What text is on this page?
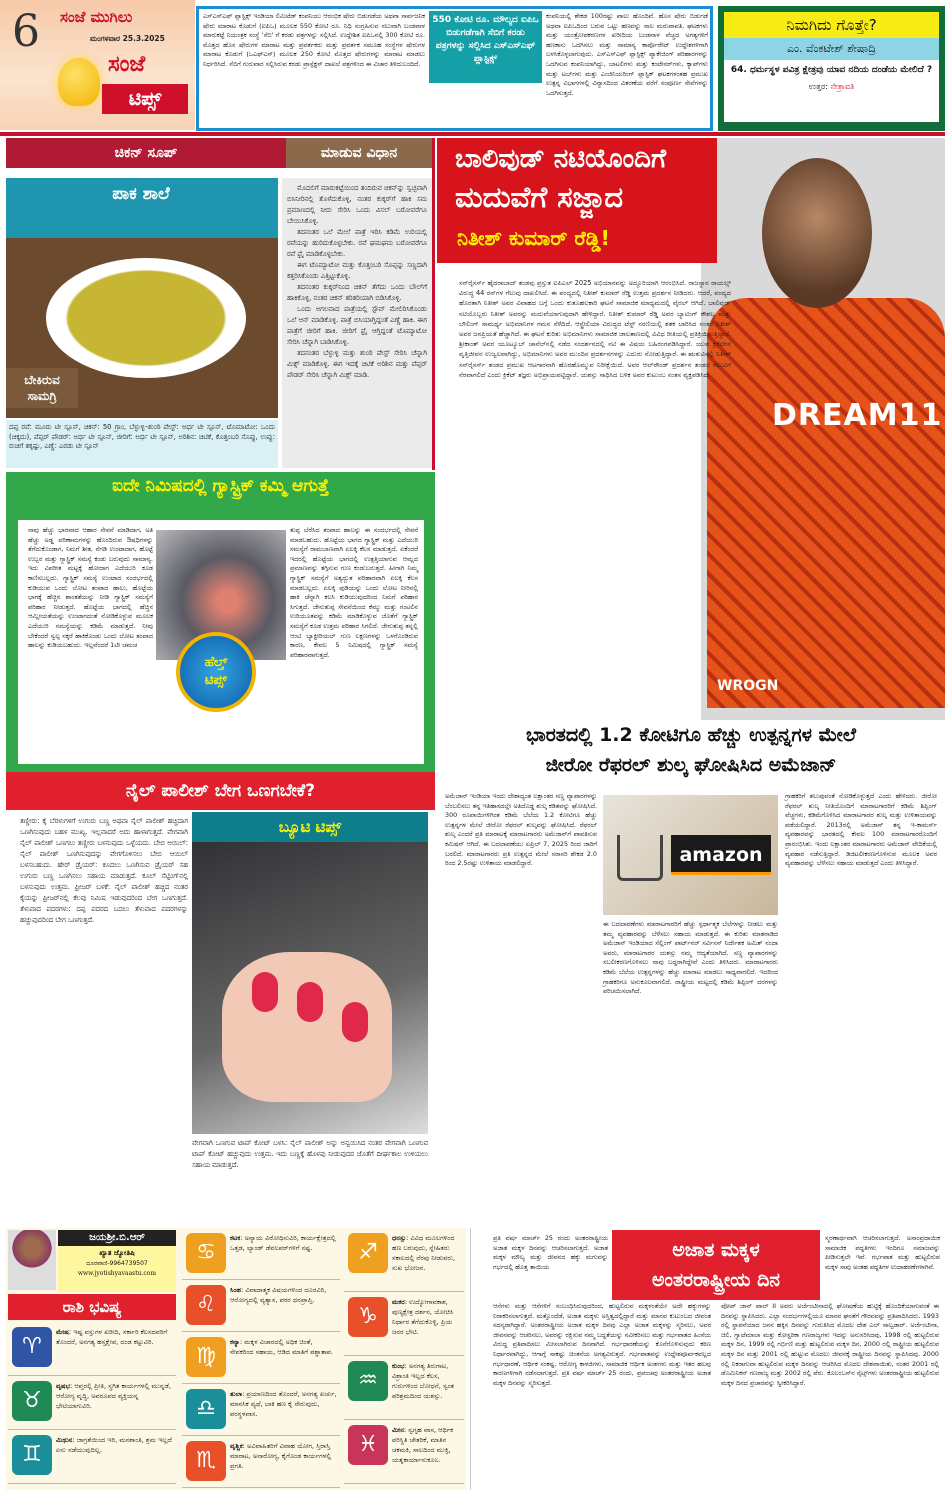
6 ಸಂಜೆ ಮುಗಿಲು
ಮಂಗಳವಾರ 25.3.2025
ಸಂಜೆ
ಟಿಪ್ಸ್
ಎಸ್‌ಎಸ್‌ಎಫ್ ಪ್ಲಾಸ್ಟಿಕ್ಸ್ ಇಂಡಿಯಾ ಲಿಮಿಟೆಡ್ ಕಂಪನಿಯು ಆರಂಭಿಕ ಷೇರು ಬಿಡುಗಡೆಯ ಅಥವಾ ಸಾರ್ವಜನಿಕ ಷೇರು ಮಾರಾಟ ಕೊಡುಗೆ (ಐಪಿಒ) ಮೂಲಕ 550 ಕೋಟಿ ರೂ. ನಿಧಿ ಸಂಗ್ರಹಿಸುವ ಸಲುವಾಗಿ ಬಂಡವಾಳ ಮಾರುಕಟ್ಟೆ ನಿಯಂತ್ರಕ ಸಂಸ್ಥೆ 'ಸೆಬಿ' ಗೆ ಕರಡು ಪತ್ರಗಳನ್ನು ಸಲ್ಲಿಸಿದೆ. ಉದ್ದೇಶಿತ ಐಪಿಒನಲ್ಲಿ 300 ಕೋಟಿ ರೂ. ಮೊತ್ತದ ಹೊಸ ಷೇರುಗಳ ಮಾರಾಟ ಮತ್ತು ಪ್ರವರ್ತಕರು ಮತ್ತು ಪ್ರವರ್ತಕ ಸಮೂಹ ಸಂಸ್ಥೆಗಳ ಷೇರುಗಳ ಮಾರಾಟ ಕೊಡುಗೆ (ಒಎಫ್‌ಎಸ್) ಮೂಲಕ 250 ಕೋಟಿ ಮೊತ್ತದ ಷೇರುಗಳನ್ನು ಮಾರಾಟ ಮಾಡಲು ನಿರ್ಧರಿಸಿದೆ. ಸೆಬಿಗೆ ಗುರುವಾರ ಸಲ್ಲಿಸಿರುವ ಕರಡು ಪ್ರಾಸ್ಪೆಕ್ಟಸ್ ದಾಖಲೆ ಪತ್ರಗಳಿಂದ ಈ ವಿಚಾರ ತಿಳಿದುಬಂದಿದೆ.
550 ಕೋಟಿ ರೂ. ಮೌಲ್ಯದ ಐಪಿಒ ಬಿಡುಗಡೆಗಾಗಿ ಸೆಬಿಗೆ ಕರಡು ಪತ್ರಗಳನ್ನು ಸಲ್ಲಿಸಿದ ಎಸ್‌ಎಸ್‌ಎಫ್ ಪ್ಲಾಸ್ಟಿಕ್ಸ್
ಕಂಪನಿಯಲ್ಲಿ ಶೇಕಡ 100ರಷ್ಟು ಪಾಲು ಹೊಂದಿವೆ. ಹೊಸ ಷೇರು ಬಿಡುಗಡೆ ಅಥವಾ ಐಪಿಒದಿಂದ ಬರುವ ಒಟ್ಟು ಹಣವನ್ನು ಸಾಲ ಮರುಪಾವತಿ, ಘಟಕಗಳು ಮತ್ತು ಯಂತ್ರೋಪಕರಣಗಳ ಖರೀದಿಯ ಬಂಡವಾಳ ವೆಚ್ಚದ ಅಗತ್ಯಗಳಿಗೆ ಹಣಕಾಸು ಒದಗಿಸಲು ಮತ್ತು ಸಾಮಾನ್ಯ ಕಾರ್ಪೊರೇಟ್ ಉದ್ದೇಶಗಳಿಗಾಗಿ ಬಳಸಿಕೊಳ್ಳಲಾಗುವುದು. ಎಸ್‌ಎಸ್‌ಎಫ್ ಪ್ಲಾಸ್ಟಿಕ್ಸ್ ಪ್ಯಾಕೇಜಿಂಗ್ ಪರಿಹಾರಗಳನ್ನು ಒದಗಿಸುವ ಕಂಪನಿಯಾಗಿದ್ದು, ಬಾಟಲಿಗಳು ಮತ್ತು ಕಂಟೇನರ್‌ಗಳು, ಕ್ಯಾಪ್‌ಗಳು ಮತ್ತು ಟಬ್‌ಗಳು ಮತ್ತು ಎಂಜಿನಿಯರಿಂಗ್ ಪ್ಲಾಸ್ಟಿಕ್ ಘಟಕಗಳಂತಹ ಪ್ರಮುಖ ಉತ್ಪನ್ನ ವಿಭಾಗಗಳಲ್ಲಿ ವಿನ್ಯಾಸದಿಂದ ವಿತರಣೆಯ ವರೆಗೆ ಸಂಪೂರ್ಣ ಸೇವೆಗಳನ್ನು ಒದಗಿಸುತ್ತದೆ.
ನಿಮಗಿದು ಗೊತ್ತೇ?
ಎಂ. ವೆಂಕಟೇಶ್ ಶೇಷಾದ್ರಿ
64. ಧರ್ಮಸ್ಥಳ ಪವಿತ್ರ ಕ್ಷೇತ್ರವು ಯಾವ ನದಿಯ ದಂಡೆಯ ಮೇಲಿದೆ ?
ಉತ್ತರ: ನೇತ್ರಾವತಿ
ಚಿಕನ್ ಸೂಪ್	ಮಾಡುವ ವಿಧಾನ
ಪಾಕ ಶಾಲೆ
ಬೇಕಿರುವ ಸಾಮಗ್ರಿ
ದಪ್ಪ ರವೆ: ಮೂರು ಟೀ ಸ್ಪೂನ್, ಚಿಕನ್: 50 ಗ್ರಾಂ, ಬೆಳ್ಳುಳ್ಳಿ–ಶುಂಠಿ ಪೇಸ್ಟ್: ಅರ್ಧ ಟೀ ಸ್ಪೂನ್, ಟೊಮಾಟೋ: ಒಂದು (ಚಿಕ್ಕದು), ಪೆಪ್ಪರ್ ಪೌಡರ್: ಅರ್ಧ ಟೀ ಸ್ಪೂನ್, ಜೀರಿಗೆ: ಅರ್ಧ ಟೀ ಸ್ಪೂನ್, ಅರಿಶಿನ: ಚಿಟಿಕೆ, ಕೊತ್ತಂಬರಿ ಸೊಪ್ಪು, ಉಪ್ಪು: ರುಚಿಗೆ ತಕ್ಕಷ್ಟು, ಎಣ್ಣೆ: ಎರಡು ಟೀ ಸ್ಪೂನ್

ಮೊದಲಿಗೆ ಮಾರುಕಟ್ಟೆಯಿಂದ ತಂದಿರುವ ಚಿಕನ್‌ನ್ನು ಸ್ವಚ್ಛವಾಗಿ ಬಿಸಿನೀರಿನಲ್ಲಿ ತೊಳೆದುಕೊಳ್ಳಿ, ನಂತರ ಕುಕ್ಕರ್‌ಗೆ ಹಾಕಿ ಸಮ ಪ್ರಮಾಣದಲ್ಲಿ ನೀರು ಸೇರಿಸಿ ಒಂದು ವಿಸಲ್ ಬರೋವರೆಗೂ ಬೇಯಿಸಿಕೊಳ್ಳಿ.

ತದನಂತರ ಒಲೆ ಮೇಲೆ ಪಾತ್ರೆ ಇರಿಸಿ ಕಡಿಮೆ ಉರಿಯಲ್ಲಿ ರವೆಯನ್ನು ಹುರಿದುಕೊಳ್ಳಬೇಕು. ರವೆ ಘಮಘಮ ಬರೋವರೆಗೂ ರವೆ ಫ್ರೈ ಮಾಡಿಕೊಳ್ಳಬೇಕು.

ಈಗ ಟೊಮ್ಯಾಟೋ ಮತ್ತು ಕೊತ್ತಂಬರಿ ಸೊಪ್ಪನ್ನು ಸಣ್ಣದಾಗಿ ಕತ್ತರಿಸಿಕೊಂಡು ಎತ್ತಿಟ್ಟುಕೊಳ್ಳಿ.

ತದನಂತರ ಕುಕ್ಕರ್‌ನಿಂದ ಚಿಕನ್ ತೆಗೆದು ಒಂದು ಬೌಲ್‌ಗೆ ಹಾಕಿಕೊಳ್ಳಿ, ನಂತರ ಚಿಕನ್ ತರಿತರಿಯಾಗಿ ಬಿಡಿಸಿಕೊಳ್ಳಿ.

ಒಂದು ಅಗಲವಾದ ಪಾತ್ರೆಯಲ್ಲಿ ಸ್ಟೌವ್ ಮೇಲಿರಿಸಿಕೊಂಡು ಒಲೆ ಆನ್ ಮಾಡಿಕೊಳ್ಳಿ. ಪಾತ್ರೆ ಬಿಸಿಯಾಗ್ತಿದ್ದಂತೆ ಎಣ್ಣೆ ಹಾಕಿ. ಈಗ ಪಾತ್ರೆಗೆ ಜೀರಿಗೆ ಹಾಕಿ. ಜೀರಿಗೆ ಫ್ರೈ ಆಗ್ತಿದ್ದಂತೆ ಟೊಮ್ಯಾಟೋ ಸೇರಿಸಿ ಚೆನ್ನಾಗಿ ಬಾಡಿಸಿಕೊಳ್ಳಿ.

ತದನಂತರ ಬೆಳ್ಳುಳ್ಳಿ ಮತ್ತು ಶುಂಠಿ ಪೇಸ್ಟ್ ಸೇರಿಸಿ ಚೆನ್ನಾಗಿ ಮಿಕ್ಸ್ ಮಾಡಿಕೊಳ್ಳಿ. ಈಗ ಇದಕ್ಕೆ ಚಿಟಿಕೆ ಅರಿಶಿನ ಮತ್ತು ಪೆಪ್ಪರ್ ಪೌಡರ್ ಸೇರಿಸಿ ಚೆನ್ನಾಗಿ ಮಿಕ್ಸ್ ಮಾಡಿ.

ಐದೇ ನಿಮಿಷದಲ್ಲಿ ಗ್ಯಾಸ್ಟ್ರಿಕ್ ಕಮ್ಮಿ ಆಗುತ್ತೆ
ನಾವು ಹೆಚ್ಚು ಭಾರವಾದ ಆಹಾರ ಸೇವನೆ ಮಾಡಿದಾಗ, ಅತಿ ಹೆಚ್ಚು ಅಡ್ಡ ಪರಿಣಾಮಗಳನ್ನು ಹೊಂದಿರುವ ಔಷಧಿಗಳನ್ನು ತೆಗೆದುಕೊಂಡಾಗ, ನಿಮಗೆ ಶೀತ, ನೆಗಡಿ ಉಂಟಾದಾಗ, ಹೊಟ್ಟೆ ಉಬ್ಬರ ಮತ್ತು ಗ್ಯಾಸ್ಟ್ರಿಕ್ ಸಮಸ್ಯೆ ಕಂಡು ಬರುವುದು ಸಾಮಾನ್ಯ. ಇದು ವಿಪರೀತ ಮಟ್ಟಕ್ಕೆ ಹೋದಾಗ ಎದೆಯುರಿ ಕೂಡ ಕಾಣಿಸಬಲ್ಲದು. ಗ್ಯಾಸ್ಟ್ರಿಕ್ ಸಮಸ್ಯೆ ಉಂಟಾದ ಸಂದರ್ಭದಲ್ಲಿ ಕುಡಿಯುವ ಒಂದು ಲೋಟ ತಂಪಾದ ಹಾಲು, ಹೊಟ್ಟೆಯ ಭಾಗಕ್ಕೆ ಹೆಚ್ಚಿನ ಶಾಂತತೆಯನ್ನು ನೀಡಿ ಗ್ಯಾಸ್ಟ್ರಿಕ್ ಸಮಸ್ಯೆಗೆ ಪರಿಹಾರ ನೀಡುತ್ತದೆ. ಹೊಟ್ಟೆಯ ಭಾಗದಲ್ಲಿ ಹೆಚ್ಚಿನ ಆಮ್ಲೀಯತೆಯನ್ನು ಉಂಟಾಗದಂತೆ ನೋಡಿಕೊಳ್ಳುವ ಮೂಲಕ ಎದೆಯುರಿ ಸಮಸ್ಯೆಯನ್ನು ಕಡಿಮೆ ಮಾಡುತ್ತದೆ. ನೀವು ಬೇಕೆಂದರೆ ಸ್ವಲ್ಪ ಸಕ್ಕರೆ ಹಾಕಿಕೊಂಡು ಒಂದು ಲೋಟ ತಂಪಾದ ಹಾಲನ್ನು ಕುಡಿಯಬಹುದು. ಇಲ್ಲವೆಂದರೆ 1ಟೀ ಚಮಚ
ಹೆಲ್ತ್
ಟಿಪ್ಸ್
ತುಪ್ಪ ಬೆರೆಸಿದ ತಂಪಾದ ಹಾಲನ್ನು ಈ ಸಂದರ್ಭದಲ್ಲಿ ಸೇವನೆ ಮಾಡಬಹುದು. ಹೊಟ್ಟೆಯ ಭಾಗದ ಗ್ಯಾಸ್ಟ್ರಿಕ್ ಮತ್ತು ಎದೆಯುರಿ ಸಮಸ್ಯೆಗೆ ರಾಮಬಾಣವಾಗಿ ಏಲಕ್ಕಿ ಕೆಲಸ ಮಾಡುತ್ತದೆ. ಏಕೆಂದರೆ ಇದರಲ್ಲಿ ಹೊಟ್ಟೆಯ ಭಾಗದಲ್ಲಿ ಉತ್ಪತ್ತಿಯಾಗುವ ಆಮ್ಲದ ಪ್ರಮಾಣವನ್ನು ತಗ್ಗಿಸುವ ಗುಣ ಕಂಡುಬರುತ್ತದೆ. ಹೀಗಾಗಿ ನಿಮ್ಮ ಗ್ಯಾಸ್ಟ್ರಿಕ್ ಸಮಸ್ಯೆಗೆ ಅತ್ಯದ್ಭುತ ಪರಿಹಾರವಾಗಿ ಏಲಕ್ಕಿ ಕೆಲಸ ಮಾಡಬಲ್ಲದು. ಏಲಕ್ಕಿ ಪುಡಿಯನ್ನು ಒಂದು ಲೋಟ ನೀರಿನಲ್ಲಿ ಹಾಕಿ ಚೆನ್ನಾಗಿ ಕಲಸಿ ಕುಡಿಯುವುದರಿಂದ ನಿಮಗೆ ಪರಿಹಾರ ಸಿಗುತ್ತದೆ. ಜೇನುತುಪ್ಪ ಸೇವನೆಯಿಂದ ಕೆಮ್ಮು ಮತ್ತು ಗಂಟಲಿನ ಉರಿಯೂತವನ್ನು ಕಡಿಮೆ ಮಾಡಿಕೊಳ್ಳುವ ಜೊತೆಗೆ ಗ್ಯಾಸ್ಟ್ರಿಕ್ ಸಮಸ್ಯೆಗೆ ಕೂಡ ಉತ್ತಮ ಪರಿಹಾರ ಸಿಗಲಿದೆ. ಜೇನುತುಪ್ಪ ತನ್ನಲ್ಲಿ ಆಂಟಿ ಬ್ಯಾಕ್ಟೀರಿಯಲ್ ಗುಣ ಲಕ್ಷಣಗಳನ್ನು ಒಳಗೊಂಡಿರುವ ಕಾರಣ, ಕೇವಲ 5 ನಿಮಿಷದಲ್ಲಿ ಗ್ಯಾಸ್ಟ್ರಿಕ್ ಸಮಸ್ಯೆ ಪರಿಹಾರವಾಗುತ್ತದೆ.
ನೈಲ್ ಪಾಲೀಶ್ ಬೇಗ ಒಣಗಬೇಕೆ?
ತಣ್ಣೀರು: ಕೈ ಬೆರಳುಗಳಿಗೆ ಉಗುರು ಬಣ್ಣ ಅಥವಾ ನೈಲ್ ಪಾಲೀಶ್ ಹಚ್ಚಿದಾಗ ಒಣಗಿಸುವುದು ಬಹಳ ಮುಖ್ಯ. ಇಲ್ಲವಾದರೆ ಅದು ಹಾಳಾಗುತ್ತದೆ. ವೇಗವಾಗಿ ನೈಲ್ ಪಾಲೀಶ್ ಒಣಗಲು ತಣ್ಣೀರು ಬಳಸುವುದು ಒಳ್ಳೆಯದು. ಬೇಬಿ ಆಯಿಲ್: ನೈಲ್ ಪಾಲೀಶ್ ಒಣಗಿಸುವುದನ್ನು ವೇಗಗೊಳಿಸಲು ಬೇಬಿ ಆಯಿಲ್ ಬಳಸಬಹುದು. ಹೇರ್ ಡ್ರೈಯರ್: ಕೂದಲು ಒಣಗಿಸುವ ಡ್ರೈಯರ್ ಸಹ ಉಗುರು ಬಣ್ಣ ಒಣಗಿಸಲು ಸಹಾಯ ಮಾಡುತ್ತದೆ. ಕೂಲ್ ಸೆಟ್ಟಿಂಗ್‌ನಲ್ಲಿ ಬಳಸುವುದು ಉತ್ತಮ. ಫ್ರೀಜರ್ ಬಳಕೆ: ನೈಲ್ ಪಾಲೀಶ್ ಹಚ್ಚಿದ ನಂತರ ಕೈಯನ್ನು ಫ್ರೀಜರ್‌ನಲ್ಲಿ ಕೆಲವು ನಿಮಿಷ ಇಡುವುದರಿಂದ ಬೇಗ ಒಣಗುತ್ತದೆ. ತೆಳುವಾದ ಪದರಗಳು: ದಪ್ಪ ಪದರದ ಬದಲು ತೆಳುವಾದ ಪದರಗಳನ್ನು ಹಚ್ಚುವುದರಿಂದ ಬೇಗ ಒಣಗುತ್ತದೆ.
ಬ್ಯೂಟಿ ಟಿಪ್ಸ್
ವೇಗವಾಗಿ ಒಣಗುವ ಟಾಪ್ ಕೋಟ್ ಬಳಸಿ: ನೈಲ್ ಪಾಲೀಶ್ ಅನ್ನು ಅನ್ವಯಿಸಿದ ನಂತರ ವೇಗವಾಗಿ ಒಣಗುವ ಟಾಪ್ ಕೋಟ್ ಹಚ್ಚುವುದು ಉತ್ತಮ. ಇದು ಬಣ್ಣಕ್ಕೆ ಹೊಳಪು ನೀಡುವುದರ ಜೊತೆಗೆ ದೀರ್ಘಕಾಲ ಉಳಿಯಲು ಸಹಾಯ ಮಾಡುತ್ತದೆ.
DREAM11
WROGN
ಬಾಲಿವುಡ್ ನಟಿಯೊಂದಿಗೆ
ಮದುವೆಗೆ ಸಜ್ಜಾದ
ನಿತೀಶ್ ಕುಮಾರ್ ರೆಡ್ಡಿ!
ಸನ್‌ರೈಸರ್ಸ್ ಹೈದರಾಬಾದ್ ತಂಡವು ಪ್ರಸ್ತುತ ಐಪಿಎಲ್ 2025 ಅಭಿಯಾನವನ್ನು ಅದ್ದೂರಿಯಾಗಿ ಆರಂಭಿಸಿದೆ. ರಾಜಸ್ಥಾನ ರಾಯಲ್ಸ್ ವಿರುದ್ಧ 44 ರನ್‌ಗಳ ಗೆಲುವು ದಾಖಲಿಸಿದೆ. ಈ ಪಂದ್ಯದಲ್ಲಿ ನಿತೀಶ್ ಕುಮಾರ್ ರೆಡ್ಡಿ ಉತ್ತಮ ಪ್ರದರ್ಶನ ನೀಡಿದರು. ಆದರೆ, ಪಂದ್ಯದ ಹೊರತಾಗಿ ನಿತೀಶ್ ಅವರ ವಿವಾಹದ ಬಗ್ಗೆ ಒಂದು ಕುತೂಹಲಕಾರಿ ಘಟನೆ ಸಾಮಾಜಿಕ ಮಾಧ್ಯಮದಲ್ಲಿ ವೈರಲ್ ಆಗಿದೆ. ಬಾಲಿವುಡ್ ನಟಿಯೊಬ್ಬರು ನಿತೀಶ್ ಅವರನ್ನು ಮದುವೆಯಾಗುವುದಾಗಿ ಹೇಳಿದ್ದಾರೆ. ನಿತೀಶ್ ಕುಮಾರ್ ರೆಡ್ಡಿ ಅವರ ಬ್ಯಾಟಿಂಗ್ ಕೌಶಲ್ಯ ಮತ್ತು ಬೌಲಿಂಗ್ ಸಾಮರ್ಥ್ಯ ಅಭಿಮಾನಿಗಳ ಗಮನ ಸೆಳೆದಿದೆ. ಆಸ್ಟ್ರೇಲಿಯಾ ವಿರುದ್ಧದ ಟೆಸ್ಟ್ ಸರಣಿಯಲ್ಲಿ ಶತಕ ಬಾರಿಸಿದ ನಂತರ ನಿತೀಶ್ ಅವರ ಜನಪ್ರಿಯತೆ ಹೆಚ್ಚಾಗಿದೆ. ಈ ಘಟನೆ ಕುರಿತು ಅಭಿಮಾನಿಗಳು ಸಾಮಾಜಿಕ ಜಾಲತಾಣದಲ್ಲಿ ವಿವಿಧ ರೀತಿಯಲ್ಲಿ ಪ್ರತಿಕ್ರಿಯಿಸುತ್ತಿದ್ದಾರೆ. ಶ್ರೀಕಾಂತ್ ಅವರ ಯೂಟ್ಯೂಬ್ ಚಾನೆಲ್‌ನಲ್ಲಿ ನಡೆದ ಸಂದರ್ಶನದಲ್ಲಿ ನಟಿ ಈ ವಿಷಯ ಬಹಿರಂಗಪಡಿಸಿದ್ದಾರೆ. ಯುವ ಕ್ರಿಕೆಟಿಗನ ವೃತ್ತಿಜೀವನ ಉಜ್ವಲವಾಗಿದ್ದು, ಅಭಿಮಾನಿಗಳು ಅವರ ಮುಂದಿನ ಪ್ರದರ್ಶನಗಳನ್ನು ಎದುರು ನೋಡುತ್ತಿದ್ದಾರೆ. ಈ ಋತುವಿನಲ್ಲಿ ನಿತೀಶ್ ಸನ್‌ರೈಸರ್ಸ್ ತಂಡದ ಪ್ರಮುಖ ಆಟಗಾರನಾಗಿ ಹೊರಹೊಮ್ಮುವ ನಿರೀಕ್ಷೆಯಿದೆ. ಅವರ ಆಲ್‌ರೌಂಡ್ ಪ್ರದರ್ಶನ ತಂಡದ ಗೆಲುವಿಗೆ ನೆರವಾಗಲಿದೆ ಎಂದು ಕ್ರಿಕೆಟ್ ತಜ್ಞರು ಅಭಿಪ್ರಾಯಪಟ್ಟಿದ್ದಾರೆ. ಯಶಸ್ಸು ಸಾಧಿಸಿದ ಬಳಿಕ ಅವರ ಕುಟುಂಬ ಸಂತಸ ವ್ಯಕ್ತಪಡಿಸಿದೆ.
ಭಾರತದಲ್ಲಿ 1.2 ಕೋಟಿಗೂ ಹೆಚ್ಚು ಉತ್ಪನ್ನಗಳ ಮೇಲೆ
ಜೀರೋ ರೆಫರಲ್ ಶುಲ್ಕ ಘೋಷಿಸಿದ ಅಮೆಜಾನ್
ಅಮೆಜಾನ್ ಇಂಡಿಯಾ ಇಂದು ದೇಶಾದ್ಯಂತ ಲಕ್ಷಾಂತರ ಸಣ್ಣ ವ್ಯಾಪಾರಗಳನ್ನು ಬೆಂಬಲಿಸಲು ತನ್ನ ಇತಿಹಾಸದಲ್ಲೇ ಅತಿದೊಡ್ಡ ಶುಲ್ಕ ಕಡಿತವನ್ನು ಘೋಷಿಸಿದೆ. 300 ರೂಪಾಯಿಗಳಿಗಿಂತ ಕಡಿಮೆ ಬೆಲೆಯ 1.2 ಕೋಟಿಗೂ ಹೆಚ್ಚು ಉತ್ಪನ್ನಗಳ ಮೇಲೆ ಜೀರೋ ರೆಫರಲ್ ಶುಲ್ಕವನ್ನು ಘೋಷಿಸಿದೆ. ರೆಫರಲ್ ಶುಲ್ಕ ಎಂದರೆ ಪ್ರತಿ ಮಾರಾಟಕ್ಕೆ ಮಾರಾಟಗಾರರು ಅಮೆಜಾನ್‌ಗೆ ಪಾವತಿಸುವ ಕಮಿಷನ್ ಆಗಿದೆ. ಈ ಬದಲಾವಣೆಯು ಏಪ್ರಿಲ್ 7, 2025 ರಿಂದ ಜಾರಿಗೆ ಬರಲಿದೆ. ಮಾರಾಟಗಾರರು ಪ್ರತಿ ಉತ್ಪನ್ನದ ಮೇಲೆ ಸರಾಸರಿ ಶೇಕಡ 2.0 ರಿಂದ 2.5ರಷ್ಟು ಉಳಿತಾಯ ಮಾಡಲಿದ್ದಾರೆ.	amazon
ಈ ಬದಲಾವಣೆಗಳು ಮಾರಾಟಗಾರರಿಗೆ ಹೆಚ್ಚು ಸ್ಪರ್ಧಾತ್ಮಕ ಬೆಲೆಗಳನ್ನು ನೀಡಲು ಮತ್ತು ತಮ್ಮ ವ್ಯವಹಾರವನ್ನು ಬೆಳೆಸಲು ಸಹಾಯ ಮಾಡುತ್ತದೆ. ಈ ಕುರಿತು ಮಾತನಾಡಿದ ಅಮೆಜಾನ್ ಇಂಡಿಯಾದ ಸೆಲ್ಲಿಂಗ್ ಪಾರ್ಟ್‌ನರ್ ಸರ್ವಿಸಸ್ ನಿರ್ದೇಶಕ ಅಮಿತ್ ನಂದಾ ಅವರು, ಮಾರಾಟಗಾರರ ಯಶಸ್ಸು ನಮ್ಮ ಆದ್ಯತೆಯಾಗಿದೆ. ಸಣ್ಣ ವ್ಯಾಪಾರಗಳನ್ನು ಸಬಲೀಕರಣಗೊಳಿಸಲು ನಾವು ಬದ್ಧರಾಗಿದ್ದೇವೆ ಎಂದು ತಿಳಿಸಿದರು. ಮಾರಾಟಗಾರರು ಕಡಿಮೆ ಬೆಲೆಯ ಉತ್ಪನ್ನಗಳನ್ನು ಹೆಚ್ಚು ಮಾರಾಟ ಮಾಡಲು ಸಾಧ್ಯವಾಗಲಿದೆ. ಇದರಿಂದ ಗ್ರಾಹಕರಿಗೂ ಅನುಕೂಲವಾಗಲಿದೆ. ರಾಷ್ಟ್ರೀಯ ಮಟ್ಟದಲ್ಲಿ ಕಡಿಮೆ ಶಿಪ್ಪಿಂಗ್ ದರಗಳನ್ನು ಪರಿಚಯಿಸಲಾಗಿದೆ.
ಗ್ರಾಹಕರಿಗೆ ತಲುಪುವಂತೆ ನೋಡಿಕೊಳ್ಳುತ್ತದೆ ಎಂದು ಹೇಳಿದರು. ಜೀರೋ ರೆಫರಲ್ ಶುಲ್ಕ ನೀತಿಯೊಂದಿಗೆ ಮಾರಾಟಗಾರರಿಗೆ ಕಡಿಮೆ ಶಿಪ್ಪಿಂಗ್ ವೆಚ್ಚಗಳು, ಕಡಿಮೆಗೊಳಿಸಿದ ಮಾರಾಟಗಾರರ ಶುಲ್ಕ ಮತ್ತು ಉಳಿತಾಯವನ್ನು ಪಡೆಯಲಿದ್ದಾರೆ. 2013ರಲ್ಲಿ ಅಮೆಜಾನ್ ತನ್ನ ಇ-ಕಾಮರ್ಸ್ ವ್ಯವಹಾರವನ್ನು ಭಾರತದಲ್ಲಿ ಕೇವಲ 100 ಮಾರಾಟಗಾರರೊಂದಿಗೆ ಪ್ರಾರಂಭಿಸಿತು. ಇಂದು ಲಕ್ಷಾಂತರ ಮಾರಾಟಗಾರರು ಅಮೆಜಾನ್ ವೇದಿಕೆಯಲ್ಲಿ ವ್ಯವಹಾರ ನಡೆಸುತ್ತಿದ್ದಾರೆ. ಡಿಜಿಟಲೀಕರಣಗೊಳಿಸುವ ಮೂಲಕ ಅವರ ವ್ಯವಹಾರವನ್ನು ಬೆಳೆಸಲು ಸಹಾಯ ಮಾಡುತ್ತದೆ ಎಂದು ತಿಳಿಸಿದ್ದಾರೆ.
ಜಯಶ್ರೀ.ಬಿ.ಆರ್
ಖ್ಯಾತ ಜ್ಯೋತಿಷಿ
ದೂರವಾಣಿ-9964739507
www.jyotishyavaastu.com
ರಾಶಿ ಭವಿಷ್ಯ
♈
ಮೇಷ: ಇಷ್ಟ ವಸ್ತುಗಳ ಖರೀದಿ, ಸರ್ಕಾರಿ ಕೆಲಸದವರಿಗೆ ತೊಂದರೆ, ಅನಗತ್ಯ ಹಸ್ತಕ್ಷೇಪ, ದಂಡ ಕಟ್ಟುವಿರಿ.
♉
ವೃಷಭ: ಆಪ್ತರಲ್ಲಿ ಪ್ರೀತಿ, ಸ್ಥಗಿತ ಕಾರ್ಯಗಳಲ್ಲಿ ಮುನ್ನಡೆ, ಆರೋಗ್ಯ ವೃದ್ಧಿ, ಅಪರೂಪದ ವ್ಯಕ್ತಿಯನ್ನ ಭೇಟಿಯಾಗುವಿರಿ.
♊
ಮಿಥುನ: ಜಾಗ್ರತೆಯಿಂದ ಇರಿ, ಮನಶಾಂತಿ, ಶ್ರಮ ಇಲ್ಲದೆ ಏನು ನಡೆಯುವುದಿಲ್ಲ.
♋
ಕಟಕ: ಅನ್ಯಾಯ ವಿರೋಧಿಸುವಿರಿ, ಕಾರ್ಯಕ್ಷೇತ್ರದಲ್ಲಿ ಒತ್ತಡ, ಲ್ಯಾಂಡ್ ಡೆವಲಪರ್‌ಗಳಿಗೆ ನಷ್ಟ.
♌
ಸಿಂಹ: ವಿವಾದಾತ್ಮಕ ವಿಷಯಗಳಿಂದ ದೂರವಿರಿ, ಆರೋಗ್ಯದಲ್ಲಿ ವ್ಯತ್ಯಾಸ, ಪರರ ಧನಪ್ರಾಪ್ತಿ.
♍
ಕನ್ಯಾ: ಮಕ್ಕಳ ವಿಚಾರದಲ್ಲಿ ಅಧಿಕ ಚಿಂತೆ, ಸೇವಕರಿಂದ ಸಹಾಯ, ಆಡಿದ ಮಾತಿಗೆ ಪಶ್ಚಾತಾಪ.
♎
ತುಲಾ: ಪ್ರಯಾಣದಿಂದ ತೊಂದರೆ, ಅನಗತ್ಯ ಖರ್ಚು, ಮಾನಸಿಕ ವ್ಯಥೆ, ಬಾಕಿ ಹಣ ಕೈ ಸೇರುವುದು, ಪರಸ್ಥಳವಾಸ.
♏
ವೃಶ್ಚಿಕ: ಅವಿವಾಹಿತರಿಗೆ ವಿವಾಹ ಯೋಗ, ಸ್ತಿರಾಸ್ತಿ ಮಾರಾಟ, ಅನಾರೋಗ್ಯ, ಕೈಗೊಂಡ ಕಾರ್ಯಗಳಲ್ಲಿ ಪ್ರಗತಿ.
♐
ಧನಸ್ಸು: ವಿವಿಧ ಮೂಲಗಳಿಂದ ಹಣ ಬರುವುದು, ಸ್ನೇಹಿತರು ಸಕಾಲದಲ್ಲಿ ನೆರವು ನೀಡುವರು, ಸುಖ ಭೋಜನ.
♑
ಮಕರ: ಉದ್ಯೋಗಾವಕಾಶ, ಪುಣ್ಯಕ್ಷೇತ್ರ ದರ್ಶನ, ಯೋಚಿಸಿ ನಿರ್ಧಾರ ತೆಗೆದುಕೊಳ್ಳಿ, ಪ್ರಿಯ ಜನರ ಭೇಟಿ.
♒
ಕುಂಭ: ಅನಗತ್ಯ ತಿರುಗಾಟ, ವಿಶ್ರಾಂತಿ ಇಲ್ಲದ ಕೆಲಸ, ಗುರುಗಳಿಂದ ಬೋಧನೆ, ಸ್ವಂತ ಪರಿಶ್ರಮದಿಂದ ಯಶಸ್ಸು.
♓
ಮೀನ: ಸ್ವಗೃಹ ವಾಸ, ಆರ್ಥಿಕ ಪರಿಸ್ಥಿತಿ ಚೇತರಿಕೆ, ಮಾತಿನ ಚಕಮಕಿ, ಸಾಲದಿಂದ ಮುಕ್ತಿ, ಯತ್ನಕಾರ್ಯಾನುಕೂಲ.
ಪ್ರತಿ ವರ್ಷ ಮಾರ್ಚ್ 25 ರಂದು ಅಂತರರಾಷ್ಟ್ರೀಯ ಅಜಾತ ಮಕ್ಕಳ ದಿನವನ್ನು ಆಚರಿಸಲಾಗುತ್ತದೆ. ಅಜಾತ ಮಕ್ಕಳ ಮೌಲ್ಯ ಮತ್ತು ಜೀವನದ ಹಕ್ಕು ಮಗುವನ್ನು ಗರ್ಭದಲ್ಲಿ ಹೊತ್ತ ತಾಯಿಯ
ಅಜಾತ ಮಕ್ಕಳ
ಅಂತರರಾಷ್ಟ್ರೀಯ ದಿನ
ಸ್ಮರಣಾರ್ಥವಾಗಿ ಆಚರಿಸಲಾಗುತ್ತದೆ. ಅಸಾಂಪ್ರದಾಯಿಕ ಸಾಮಾಜಿಕ ಪದ್ಧತಿಗಳು ಇಂದಿಗೂ ಸಮಾಜವನ್ನು ಪೀಡಿಸುತ್ತಲೇ ಇವೆ. ಗರ್ಭಪಾತ ಮತ್ತು ಹುಟ್ಟಲಿರುವ ಮಕ್ಕಳ ಸಾವು ಅಂತಹ ಪದ್ಧತಿಗಳ ಉದಾಹರಣೆಗಳಾಗಿವೆ.
ಆಸೆಗಳು ಮತ್ತು ಆಸೆಗಳಿಗೆ ಸಂಬಂಧಿಸಿರುವುದರಿಂದ, ಹುಟ್ಟಲಿರುವ ಮಕ್ಕಳಂತೆಯೇ ಅದೇ ಹಕ್ಕುಗಳನ್ನು ನಿರಾಕರಿಸಲಾಗುತ್ತದೆ. ಮತ್ತೊಂದೆಡೆ, ಅಜಾತ ಮಕ್ಕಳು ಅಸ್ತಿತ್ವದಲ್ಲಿದ್ದಾರೆ ಮತ್ತು ಮಾನವ ಕುಟುಂಬದ ಜೀವಂತ ಸದಸ್ಯರಾಗಿದ್ದಾರೆ. ಅಂತರರಾಷ್ಟ್ರೀಯ ಅಜಾತ ಮಕ್ಕಳ ದಿನವು ಎಲ್ಲಾ ಅಜಾತ ಮಕ್ಕಳನ್ನು ಸ್ಮರಿಸಲು, ಅವರ ಜೀವನವನ್ನು ಆಚರಿಸಲು, ಅವರನ್ನು ರಕ್ಷಿಸುವ ನಮ್ಮ ಬದ್ಧತೆಯನ್ನು ನವೀಕರಿಸಲು ಮತ್ತು ಗರ್ಭಪಾತದ ಹಿಂಸೆಯ ವಿರುದ್ಧ ಪ್ರತಿಪಾದಿಸಲು ಮೀಸಲಾಗಿರುವ ದಿನವಾಗಿದೆ. ಗರ್ಭಧಾರಣೆಯನ್ನು ಕೊನೆಗೊಳಿಸುವುದು ಕಠಿಣ ನಿರ್ಧಾರವಾಗಿದ್ದು, ಆಗಾಗ್ಗೆ ಸಾಕಷ್ಟು ಚಿಂತನೆಯ ಅಗತ್ಯವಿರುತ್ತದೆ. ಗರ್ಭಪಾತವನ್ನು ಉದ್ದೇಶಪೂರ್ವಕವಲ್ಲದ ಗರ್ಭಧಾರಣೆ, ಆರ್ಥಿಕ ಸಂಕಷ್ಟ, ಆರೋಗ್ಯ ಕಾಳಜಿಗಳು, ಸಾಮಾಜಿಕ ಆರ್ಥಿಕ ಅಂಶಗಳು ಮತ್ತು ಇತರ ಹಲವು ಕಾರಣಗಳಿಗಾಗಿ ನಡೆಸಲಾಗುತ್ತದೆ. ಪ್ರತಿ ವರ್ಷ ಮಾರ್ಚ್ 25 ರಂದು, ಪ್ರಪಂಚವು ಅಂತರರಾಷ್ಟ್ರೀಯ ಅಜಾತ ಮಕ್ಕಳ ದಿನವನ್ನು ಸ್ಮರಿಸುತ್ತದೆ.
ಪೋಪ್ ಜಾನ್ ಪಾಲ್ II ಅವರು ಅರ್ಜೆಂಟೀನಾದಲ್ಲಿ ಘೋಷಣೆಯ ಹುಟ್ಟಿಕ್ಕೆ ಹೊಂದಿಕೆಯಾಗುವಂತೆ ಈ ದಿನವನ್ನು ಸ್ಥಾಪಿಸಿದರು. ಎಲ್ಲಾ ಸಂದರ್ಭಗಳಲ್ಲಿಯೂ ಮಾನವ ಘನತೆಗೆ ಗೌರವವನ್ನು ಪ್ರತಿಪಾದಿಸಿದರು. 1993 ರಲ್ಲಿ ಸ್ಥಾಪನೆಯಾದ ಜನನ ಹಕ್ಕಿನ ದಿನವನ್ನು ಗುರುತಿಸಿದ ಮೊದಲ ದೇಶ ಎಲ್ ಸಾಲ್ವಡಾರ್. ಅರ್ಜೆಂಟೀನಾ, ಚಿಲಿ, ಗ್ವಾಟೆಮಾಲಾ ಮತ್ತು ಕೋಸ್ಟರಿಕಾ ಗಣರಾಜ್ಯಗಳು ಇದನ್ನು ಅನುಸರಿಸಿದವು, 1998 ರಲ್ಲಿ ಹುಟ್ಟಲಿರುವ ಮಕ್ಕಳ ದಿನ, 1999 ರಲ್ಲಿ ಗರ್ಭಿಣಿ ಮತ್ತು ಹುಟ್ಟಲಿರುವ ಮಕ್ಕಳ ದಿನ, 2000 ರಲ್ಲಿ ರಾಷ್ಟ್ರೀಯ ಹುಟ್ಟಲಿರುವ ಮಕ್ಕಳ ದಿನ ಮತ್ತು 2001 ರಲ್ಲಿ ಹುಟ್ಟುವ ಮೊದಲು ಜೀವನಕ್ಕೆ ರಾಷ್ಟ್ರೀಯ ದಿನವನ್ನು ಸ್ಥಾಪಿಸಿದವು. 2000 ರಲ್ಲಿ ನಿಕರಾಗುವಾ ಹುಟ್ಟಲಿರುವ ಮಕ್ಕಳ ದಿನವನ್ನು ಆಚರಿಸಿದ ಮೊದಲ ದೇಶವಾಯಿತು, ನಂತರ 2001 ರಲ್ಲಿ ಡೊಮಿನಿಕನ್ ಗಣರಾಜ್ಯ ಮತ್ತು 2002 ರಲ್ಲಿ ಪೆರು. ಕೊಲಂಬಸ್‌ನ ನೈಟ್ಸ್‌ಗಳು ಅಂತರರಾಷ್ಟ್ರೀಯ ಹುಟ್ಟಲಿರುವ ಮಕ್ಕಳ ದಿನದ ಪ್ರಚಾರವನ್ನು ಸ್ವೀಕರಿಸಿದ್ದಾರೆ.
